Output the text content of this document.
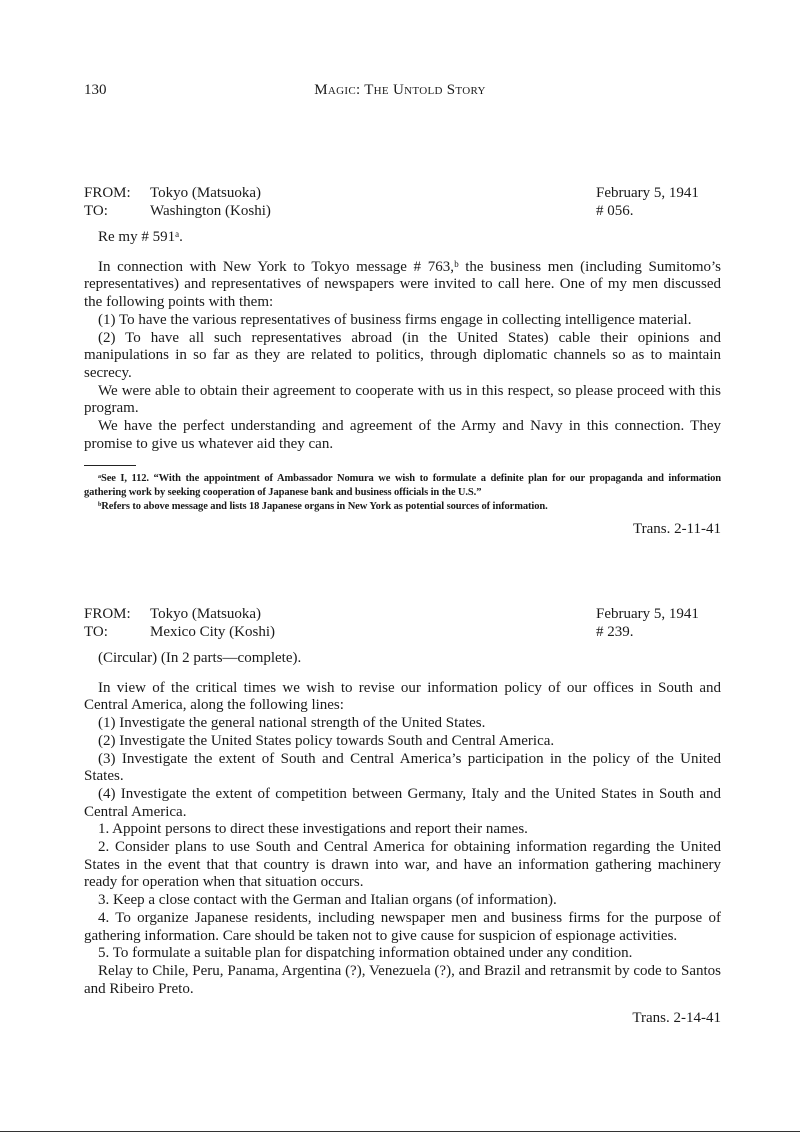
130	Magic: The Untold Story
FROM: Tokyo (Matsuoka)	February 5, 1941
TO:	Washington (Koshi)	# 056.

Re my # 591ᵃ.

In connection with New York to Tokyo message # 763,ᵇ the business men (including Sumitomo’s representatives) and representatives of newspapers were invited to call here. One of my men discussed the following points with them:

(1) To have the various representatives of business firms engage in collecting intelligence material.

(2) To have all such representatives abroad (in the United States) cable their opinions and manipulations in so far as they are related to politics, through diplomatic channels so as to maintain secrecy.

We were able to obtain their agreement to cooperate with us in this respect, so please proceed with this program.

We have the perfect understanding and agreement of the Army and Navy in this connection. They promise to give us whatever aid they can.

ᵃSee I, 112. “With the appointment of Ambassador Nomura we wish to formulate a definite plan for our propaganda and information gathering work by seeking cooperation of Japanese bank and business officials in the U.S.”

ᵇRefers to above message and lists 18 Japanese organs in New York as potential sources of information.

Trans. 2-11-41
FROM: Tokyo (Matsuoka)	February 5, 1941
TO:	Mexico City (Koshi)	# 239.

(Circular) (In 2 parts—complete).

In view of the critical times we wish to revise our information policy of our offices in South and Central America, along the following lines:

(1) Investigate the general national strength of the United States.

(2) Investigate the United States policy towards South and Central America.

(3) Investigate the extent of South and Central America’s participation in the policy of the United States.

(4) Investigate the extent of competition between Germany, Italy and the United States in South and Central America.

1. Appoint persons to direct these investigations and report their names.

2. Consider plans to use South and Central America for obtaining information regarding the United States in the event that that country is drawn into war, and have an information gathering machinery ready for operation when that situation occurs.

3. Keep a close contact with the German and Italian organs (of information).

4. To organize Japanese residents, including newspaper men and business firms for the purpose of gathering information. Care should be taken not to give cause for suspicion of espionage activities.

5. To formulate a suitable plan for dispatching information obtained under any condition.

Relay to Chile, Peru, Panama, Argentina (?), Venezuela (?), and Brazil and retransmit by code to Santos and Ribeiro Preto.

Trans. 2-14-41
